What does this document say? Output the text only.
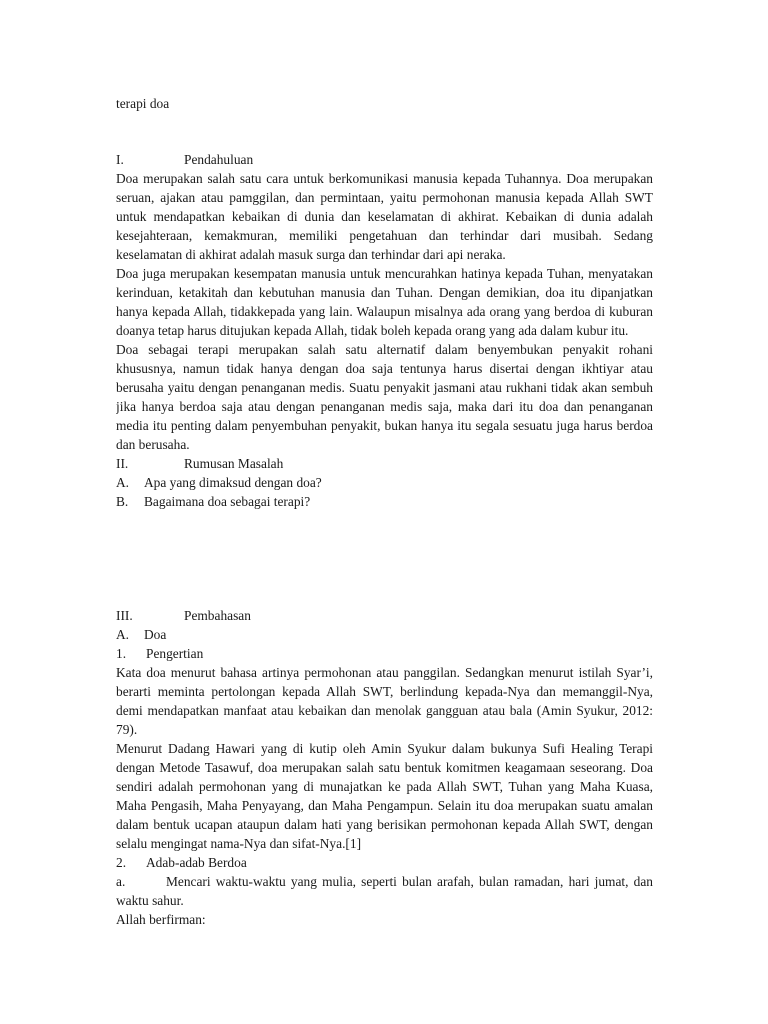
terapi doa

I.	Pendahuluan
Doa merupakan salah satu cara untuk berkomunikasi manusia kepada Tuhannya. Doa merupakan
seruan, ajakan atau pamggilan, dan permintaan, yaitu permohonan manusia kepada Allah SWT
untuk mendapatkan kebaikan di dunia dan keselamatan di akhirat. Kebaikan di dunia adalah
kesejahteraan, kemakmuran, memiliki pengetahuan dan terhindar dari musibah. Sedang
keselamatan di akhirat adalah masuk surga dan terhindar dari api neraka.
Doa juga merupakan kesempatan manusia untuk mencurahkan hatinya kepada Tuhan, menyatakan
kerinduan, ketakitah dan kebutuhan manusia dan Tuhan. Dengan demikian, doa itu dipanjatkan
hanya kepada Allah, tidakkepada yang lain. Walaupun misalnya ada orang yang berdoa di kuburan
doanya tetap harus ditujukan kepada Allah, tidak boleh kepada orang yang ada dalam kubur itu.
Doa sebagai terapi merupakan salah satu alternatif dalam benyembukan penyakit rohani
khususnya, namun tidak hanya dengan doa saja tentunya harus disertai dengan ikhtiyar atau
berusaha yaitu dengan penanganan medis. Suatu penyakit jasmani atau rukhani tidak akan sembuh
jika hanya berdoa saja atau dengan penanganan medis saja, maka dari itu doa dan penanganan
media itu penting dalam penyembuhan penyakit, bukan hanya itu segala sesuatu juga harus berdoa
dan berusaha.
II.	Rumusan Masalah
A.	Apa yang dimaksud dengan doa?
B.	Bagaimana doa sebagai terapi?
III.	Pembahasan
A.	Doa
1.	Pengertian
Kata doa menurut bahasa artinya permohonan atau panggilan. Sedangkan menurut istilah Syar’i,
berarti meminta pertolongan kepada Allah SWT, berlindung kepada-Nya dan memanggil-Nya,
demi mendapatkan manfaat atau kebaikan dan menolak gangguan atau bala (Amin Syukur, 2012:
79).
Menurut Dadang Hawari yang di kutip oleh Amin Syukur dalam bukunya Sufi Healing Terapi
dengan Metode Tasawuf, doa merupakan salah satu bentuk komitmen keagamaan seseorang. Doa
sendiri adalah permohonan yang di munajatkan ke pada Allah SWT, Tuhan yang Maha Kuasa,
Maha Pengasih, Maha Penyayang, dan Maha Pengampun. Selain itu doa merupakan suatu amalan
dalam bentuk ucapan ataupun dalam hati yang berisikan permohonan kepada Allah SWT, dengan
selalu mengingat nama-Nya dan sifat-Nya.[1]
2.	Adab-adab Berdoa
a.	Mencari waktu-waktu yang mulia, seperti bulan arafah, bulan ramadan, hari jumat, dan
waktu sahur.
Allah berfirman:
